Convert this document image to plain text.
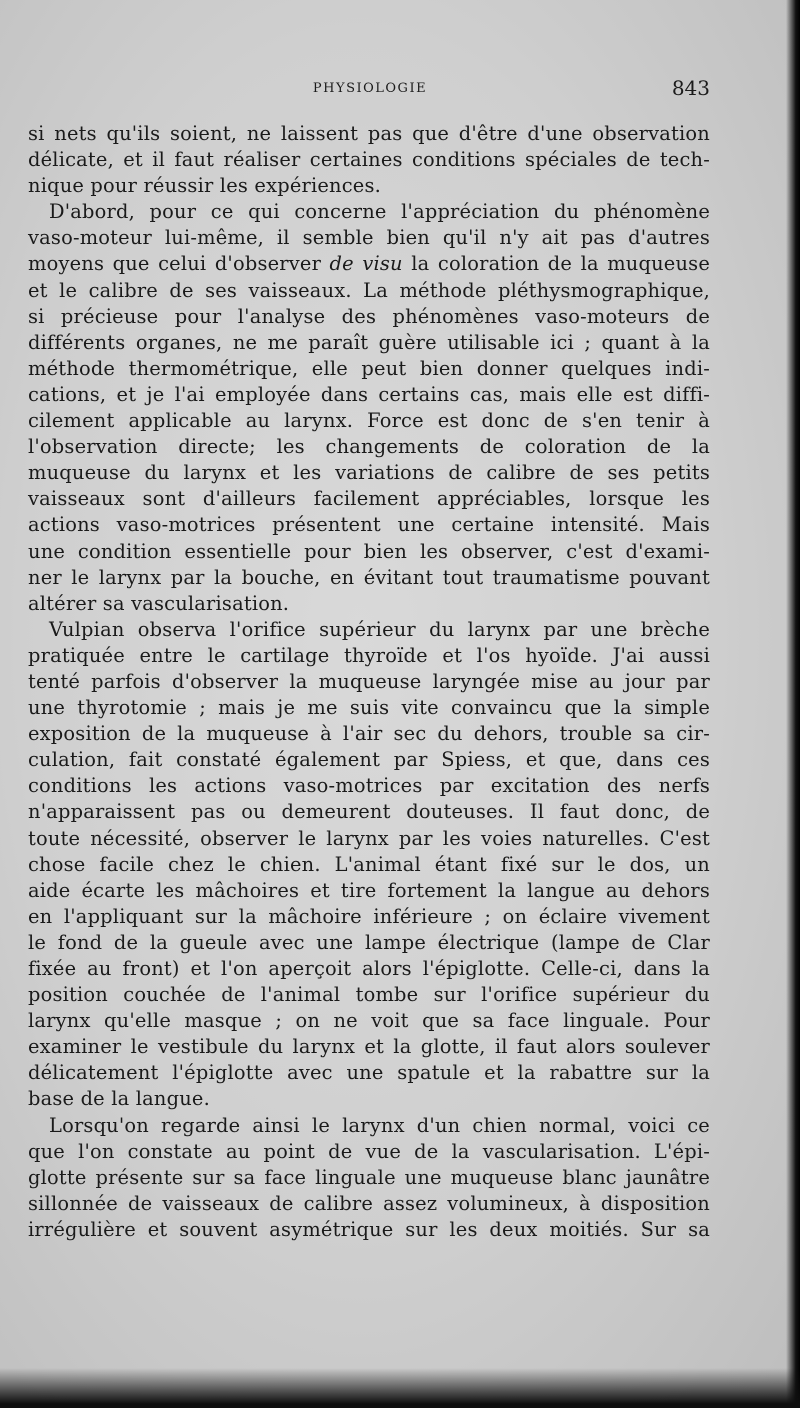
PHYSIOLOGIE	843
si nets qu'ils soient, ne laissent pas que d'être d'une observation
délicate, et il faut réaliser certaines conditions spéciales de tech-
nique pour réussir les expériences.
D'abord, pour ce qui concerne l'appréciation du phénomène
vaso-moteur lui-même, il semble bien qu'il n'y ait pas d'autres
moyens que celui d'observer de visu la coloration de la muqueuse
et le calibre de ses vaisseaux. La méthode pléthysmographique,
si précieuse pour l'analyse des phénomènes vaso-moteurs de
différents organes, ne me paraît guère utilisable ici ; quant à la
méthode thermométrique, elle peut bien donner quelques indi-
cations, et je l'ai employée dans certains cas, mais elle est diffi-
cilement applicable au larynx. Force est donc de s'en tenir à
l'observation directe; les changements de coloration de la
muqueuse du larynx et les variations de calibre de ses petits
vaisseaux sont d'ailleurs facilement appréciables, lorsque les
actions vaso-motrices présentent une certaine intensité. Mais
une condition essentielle pour bien les observer, c'est d'exami-
ner le larynx par la bouche, en évitant tout traumatisme pouvant
altérer sa vascularisation.
Vulpian observa l'orifice supérieur du larynx par une brèche
pratiquée entre le cartilage thyroïde et l'os hyoïde. J'ai aussi
tenté parfois d'observer la muqueuse laryngée mise au jour par
une thyrotomie ; mais je me suis vite convaincu que la simple
exposition de la muqueuse à l'air sec du dehors, trouble sa cir-
culation, fait constaté également par Spiess, et que, dans ces
conditions les actions vaso-motrices par excitation des nerfs
n'apparaissent pas ou demeurent douteuses. Il faut donc, de
toute nécessité, observer le larynx par les voies naturelles. C'est
chose facile chez le chien. L'animal étant fixé sur le dos, un
aide écarte les mâchoires et tire fortement la langue au dehors
en l'appliquant sur la mâchoire inférieure ; on éclaire vivement
le fond de la gueule avec une lampe électrique (lampe de Clar
fixée au front) et l'on aperçoit alors l'épiglotte. Celle-ci, dans la
position couchée de l'animal tombe sur l'orifice supérieur du
larynx qu'elle masque ; on ne voit que sa face linguale. Pour
examiner le vestibule du larynx et la glotte, il faut alors soulever
délicatement l'épiglotte avec une spatule et la rabattre sur la
base de la langue.
Lorsqu'on regarde ainsi le larynx d'un chien normal, voici ce
que l'on constate au point de vue de la vascularisation. L'épi-
glotte présente sur sa face linguale une muqueuse blanc jaunâtre
sillonnée de vaisseaux de calibre assez volumineux, à disposition
irrégulière et souvent asymétrique sur les deux moitiés. Sur sa
